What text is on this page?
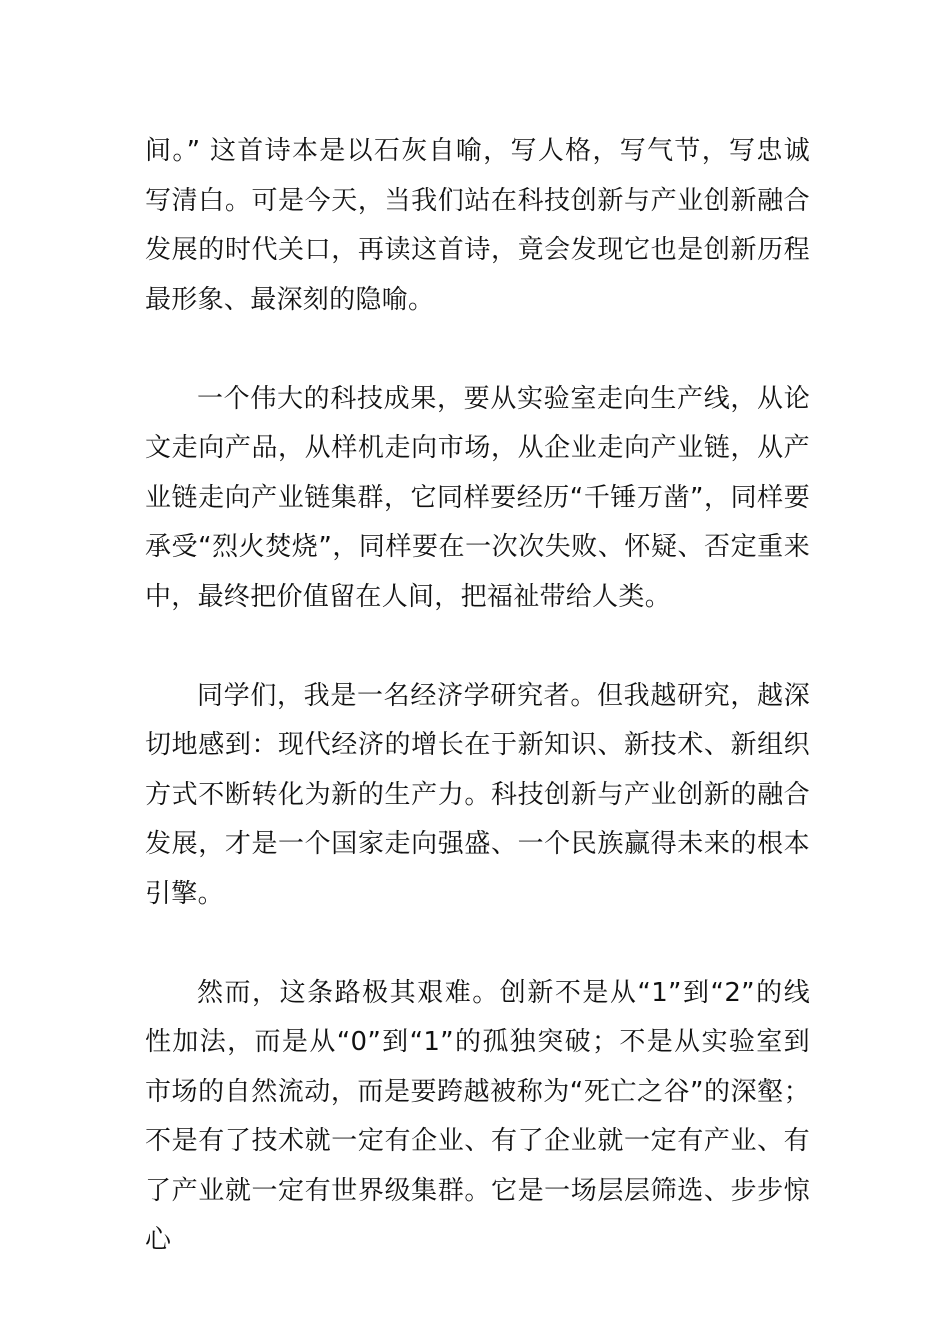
间。” 这首诗本是以石灰自喻，写人格，写气节，写忠诚写清白。可是今天，当我们站在科技创新与产业创新融合发展的时代关口，再读这首诗，竟会发现它也是创新历程最形象、最深刻的隐喻。

一个伟大的科技成果，要从实验室走向生产线，从论文走向产品，从样机走向市场，从企业走向产业链，从产业链走向产业链集群，它同样要经历“千锤万凿”，同样要承受“烈火焚烧”，同样要在一次次失败、怀疑、否定重来中，最终把价值留在人间，把福祉带给人类。

同学们，我是一名经济学研究者。但我越研究，越深切地感到：现代经济的增长在于新知识、新技术、新组织方式不断转化为新的生产力。科技创新与产业创新的融合发展，才是一个国家走向强盛、一个民族赢得未来的根本引擎。

然而，这条路极其艰难。创新不是从“1”到“2”的线性加法，而是从“0”到“1”的孤独突破；不是从实验室到市场的自然流动，而是要跨越被称为“死亡之谷”的深壑；不是有了技术就一定有企业、有了企业就一定有产业、有了产业就一定有世界级集群。它是一场层层筛选、步步惊心
